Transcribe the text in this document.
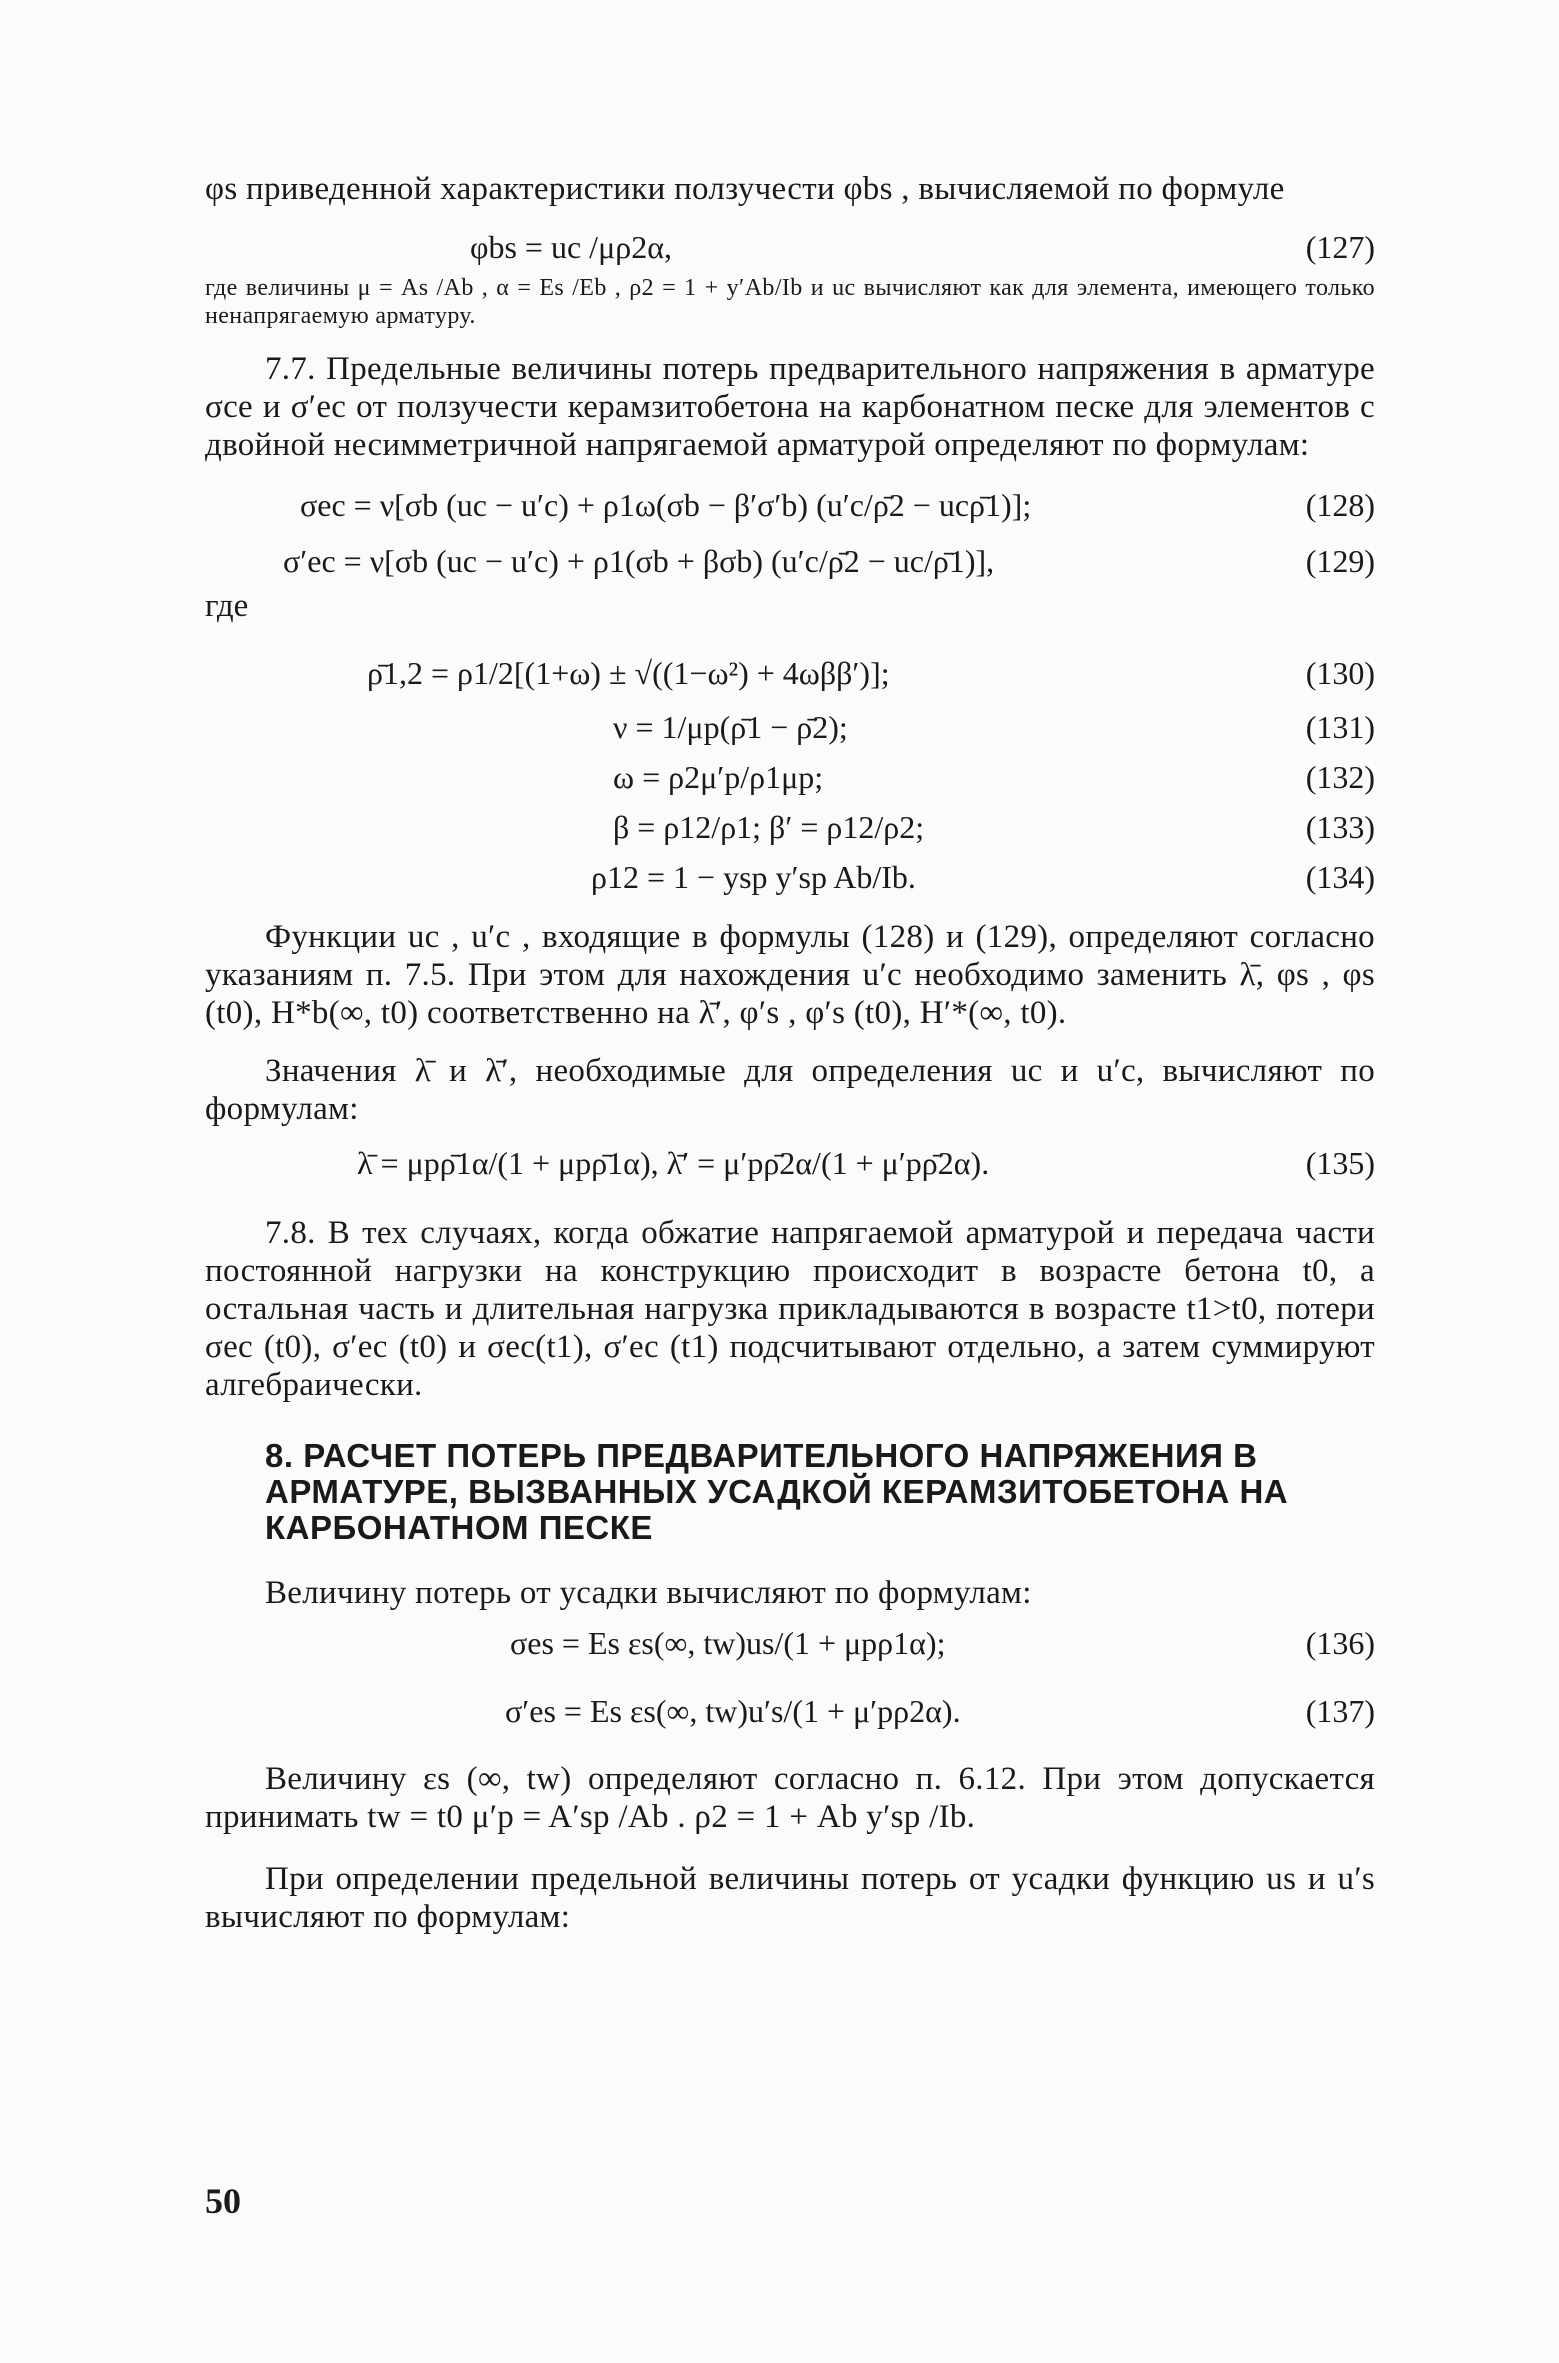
φs приведенной характеристики ползучести φbs , вычисляемой по формуле

φbs = uc /μρ2α,	(127)

где величины μ = As /Ab , α = Es /Eb , ρ2 = 1 + y′Ab/Ib и uc вычисляют как для элемента, имеющего только ненапрягаемую арматуру.

7.7. Предельные величины потерь предварительного напряжения в арматуре σce и σ′ec от ползучести керамзитобетона на карбонатном песке для элементов с двойной несимметричной напрягаемой арматурой определяют по формулам:

σec = ν[σb (uc − u′c) + ρ1ω(σb − β′σ′b) (u′c/ρ̄2 − ucρ̄1)];	(128)
σ′ec = ν[σb (uc − u′c) + ρ1(σb + βσb) (u′c/ρ̄2 − uc/ρ̄1)],	(129)

где

ρ̄1,2 = ρ1/2[(1+ω) ± √((1−ω²) + 4ωββ′)];	(130)
ν = 1/μp(ρ̄1 − ρ̄2);	(131)
ω = ρ2μ′p/ρ1μp;	(132)
β = ρ12/ρ1; β′ = ρ12/ρ2;	(133)
ρ12 = 1 − ysp y′sp Ab/Ib.	(134)

Функции uc , u′c , входящие в формулы (128) и (129), определяют согласно указаниям п. 7.5. При этом для нахождения u′c необходимо заменить λ̄, φs , φs (t0), H*b(∞, t0) соответственно на λ̄′, φ′s , φ′s (t0), H′*(∞, t0).

Значения λ̄ и λ̄′, необходимые для определения uc и u′c, вычисляют по формулам:

λ̄ = μpρ̄1α/(1 + μpρ̄1α), λ̄′ = μ′pρ̄2α/(1 + μ′pρ̄2α).	(135)

7.8. В тех случаях, когда обжатие напрягаемой арматурой и передача части постоянной нагрузки на конструкцию происходит в возрасте бетона t0, а остальная часть и длительная нагрузка прикладываются в возрасте t1>t0, потери σec (t0), σ′ec (t0) и σec(t1), σ′ec (t1) подсчитывают отдельно, а затем суммируют алгебраически.

8. РАСЧЕТ ПОТЕРЬ ПРЕДВАРИТЕЛЬНОГО НАПРЯЖЕНИЯ В АРМАТУРЕ, ВЫЗВАННЫХ УСАДКОЙ КЕРАМЗИТОБЕТОНА НА КАРБОНАТНОМ ПЕСКЕ

Величину потерь от усадки вычисляют по формулам:

σes = Es εs(∞, tw)us/(1 + μpρ1α);	(136)
σ′es = Es εs(∞, tw)u′s/(1 + μ′pρ2α).	(137)

Величину εs (∞, tw) определяют согласно п. 6.12. При этом допускается принимать tw = t0 μ′p = A′sp /Ab . ρ2 = 1 + Ab y′sp /Ib.

При определении предельной величины потерь от усадки функцию us и u′s вычисляют по формулам:

50
